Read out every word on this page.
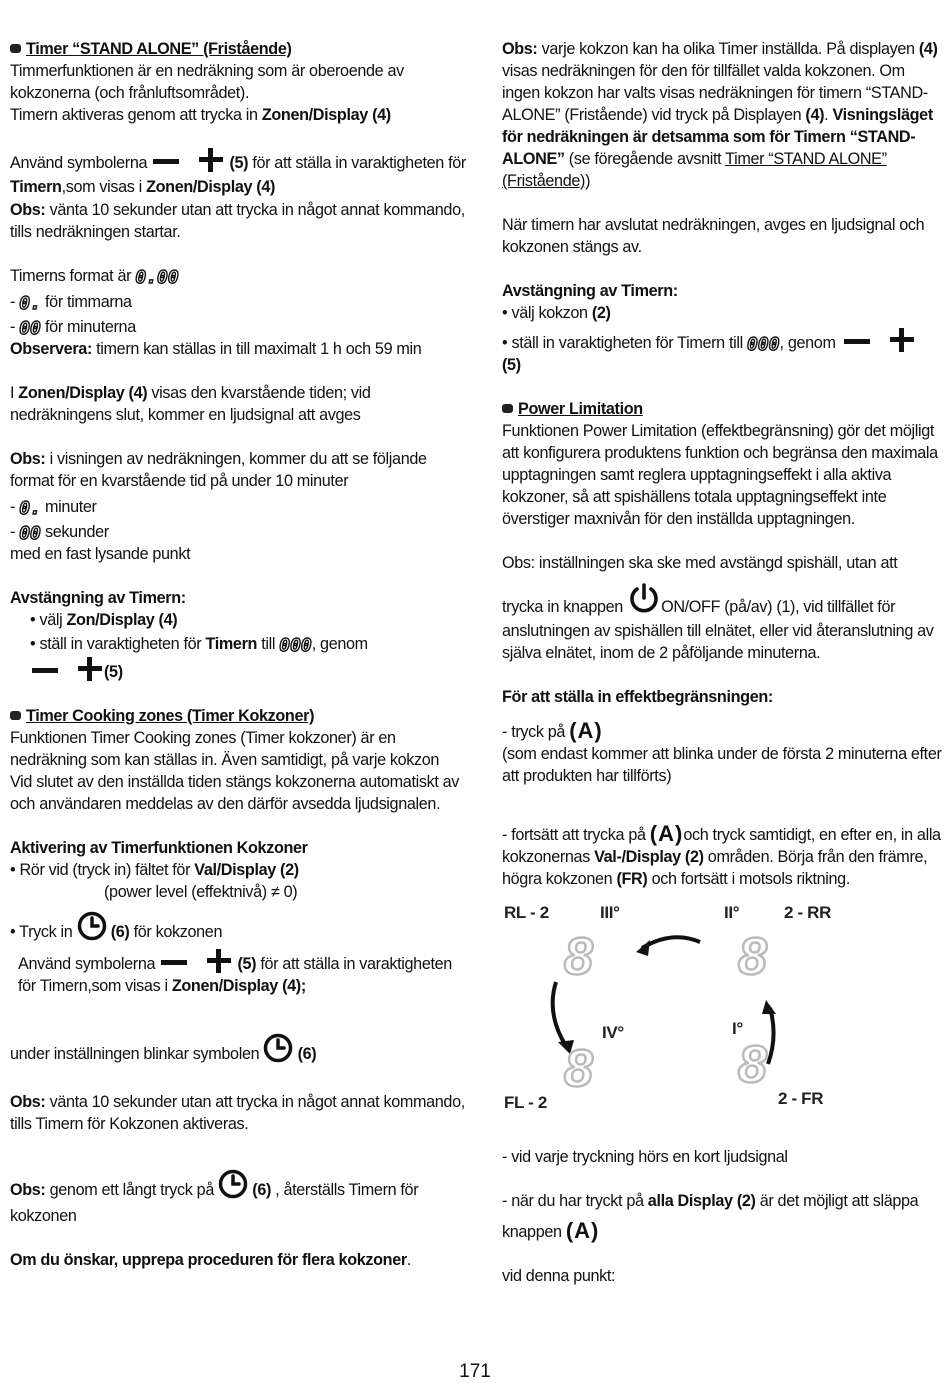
Timer “STAND ALONE” (Fristående)

Timmerfunktionen är en nedräkning som är oberoende av kokzonerna (och frånluftsområdet).

Timern aktiveras genom att trycka in Zonen/Display (4)

Använd symbolerna	(5) för att ställa in varaktigheten för Timern,som visas i Zonen/Display (4)

Obs: vänta 10 sekunder utan att trycka in något annat kommando, tills nedräkningen startar.

Timerns format är 0.00

- 0. för timmarna

- 00 för minuterna

Observera: timern kan ställas in till maximalt 1 h och 59 min

I Zonen/Display (4) visas den kvarstående tiden; vid nedräkningens slut, kommer en ljudsignal att avges

Obs: i visningen av nedräkningen, kommer du att se följande format för en kvarstående tid på under 10 minuter

- 0. minuter

- 00 sekunder

med en fast lysande punkt

Avstängning av Timern:

• välj Zon/Display (4)

• ställ in varaktigheten för Timern till 000, genom

(5)

Timer Cooking zones (Timer Kokzoner)

Funktionen Timer Cooking zones (Timer kokzoner) är en nedräkning som kan ställas in. Även samtidigt, på varje kokzon

Vid slutet av den inställda tiden stängs kokzonerna automatiskt av och användaren meddelas av den därför avsedda ljudsignalen.

Aktivering av Timerfunktionen Kokzoner

• Rör vid (tryck in) fältet för Val/Display (2)

(power level (effektnivå) ≠ 0)

• Tryck in  (6) för kokzonen

Använd symbolerna	(5) för att ställa in varaktigheten för Timern,som visas i Zonen/Display (4);

under inställningen blinkar symbolen  (6)

Obs: vänta 10 sekunder utan att trycka in något annat kommando, tills Timern för Kokzonen aktiveras.

Obs: genom ett långt tryck på  (6) , återställs Timern för kokzonen

Om du önskar, upprepa proceduren för flera kokzoner.

Obs: varje kokzon kan ha olika Timer inställda. På displayen (4) visas nedräkningen för den för tillfället valda kokzonen. Om ingen kokzon har valts visas nedräkningen för timern “STAND-ALONE” (Fristående) vid tryck på Displayen (4). Visningsläget för nedräkningen är detsamma som för Timern “STAND-ALONE” (se föregående avsnitt Timer “STAND ALONE” (Fristående))

När timern har avslutat nedräkningen, avges en ljudsignal och kokzonen stängs av.

Avstängning av Timern:

• välj kokzon (2)

• ställ in varaktigheten för Timern till 000, genom

(5)

Power Limitation

Funktionen Power Limitation (effektbegränsning) gör det möjligt att konfigurera produktens funktion och begränsa den maximala upptagningen samt reglera upptagningseffekt i alla aktiva kokzoner, så att spishällens totala upptagningseffekt inte överstiger maxnivån för den inställda upptagningen.

Obs: inställningen ska ske med avstängd spishäll, utan att

trycka in knappen ON/OFF (på/av) (1), vid tillfället för anslutningen av spishällen till elnätet, eller vid återanslutning av själva elnätet, inom de 2 påföljande minuterna.

För att ställa in effektbegränsningen:

- tryck på (A)

(som endast kommer att blinka under de första 2 minuterna efter att produkten har tillförts)

- fortsätt att trycka på (A)och tryck samtidigt, en efter en, in alla kokzonernas Val-/Display (2) områden. Börja från den främre, högra kokzonen (FR) och fortsätt i motsols riktning.

RL - 2	III°	II°	2 - RR
8	8
IV°	I°
8	8
FL - 2	2 - FR

- vid varje tryckning hörs en kort ljudsignal

- när du har tryckt på alla Display (2) är det möjligt att släppa

knappen (A)

vid denna punkt:

171
